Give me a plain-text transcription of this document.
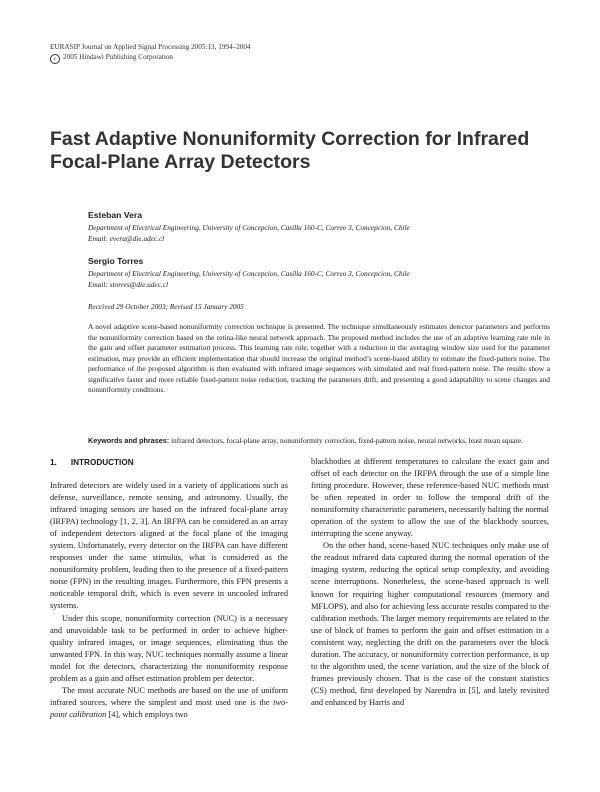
EURASIP Journal on Applied Signal Processing 2005:13, 1994–2004
c 2005 Hindawi Publishing Corporation
Fast Adaptive Nonuniformity Correction for Infrared Focal-Plane Array Detectors
Esteban Vera
Department of Electrical Engineering, University of Concepcion, Casilla 160-C, Correo 3, Concepcion, Chile
Email: evera@die.udec.cl
Sergio Torres
Department of Electrical Engineering, University of Concepcion, Casilla 160-C, Correo 3, Concepcion, Chile
Email: storres@die.udec.cl
Received 29 October 2003; Revised 15 January 2005

A novel adaptive scene-based nonuniformity correction technique is presented. The technique simultaneously estimates detector parameters and performs the nonuniformity correction based on the retina-like neural network approach. The proposed method includes the use of an adaptive learning rate rule in the gain and offset parameter estimation process. This learning rate rule, together with a reduction in the averaging window size used for the parameter estimation, may provide an efficient implementation that should increase the original method’s scene-based ability to estimate the fixed-pattern noise. The performance of the proposed algorithm is then evaluated with infrared image sequences with simulated and real fixed-pattern noise. The results show a significative faster and more reliable fixed-pattern noise reduction, tracking the parameters drift, and presenting a good adaptability to scene changes and nonuniformity conditions.

Keywords and phrases: infrared detectors, focal-plane array, nonuniformity correction, fixed-pattern noise, neural networks, least mean square.

1. INTRODUCTION

Infrared detectors are widely used in a variety of applications such as defense, surveillance, remote sensing, and astronomy. Usually, the infrared imaging sensors are based on the infrared focal-plane array (IRFPA) technology [1, 2, 3]. An IRFPA can be considered as an array of independent detectors aligned at the focal plane of the imaging system. Unfortunately, every detector on the IRFPA can have different responses under the same stimulus, what is considered as the nonuniformity problem, leading then to the presence of a fixed-pattern noise (FPN) in the resulting images. Furthermore, this FPN presents a noticeable temporal drift, which is even severe in uncooled infrared systems.

Under this scope, nonuniformity correction (NUC) is a necessary and unavoidable task to be performed in order to achieve higher-quality infrared images, or image sequences, eliminating thus the unwanted FPN. In this way, NUC techniques normally assume a linear model for the detectors, characterizing the nonuniformity response problem as a gain and offset estimation problem per detector.

The most accurate NUC methods are based on the use of uniform infrared sources, where the simplest and most used one is the two-point calibration [4], which employs two

blackbodies at different temperatures to calculate the exact gain and offset of each detector on the IRFPA through the use of a simple line fitting procedure. However, these reference-based NUC methods must be often repeated in order to follow the temporal drift of the nonuniformity characteristic parameters, necessarily halting the normal operation of the system to allow the use of the blackbody sources, interrupting the scene anyway.

On the other hand, scene-based NUC techniques only make use of the readout infrared data captured during the normal operation of the imaging system, reducing the optical setup complexity, and avoiding scene interruptions. Nonetheless, the scene-based approach is well known for requiring higher computational resources (memory and MFLOPS), and also for achieving less accurate results compared to the calibration methods. The larger memory requirements are related to the use of block of frames to perform the gain and offset estimation in a consistent way, neglecting the drift on the parameters over the block duration. The accuracy, or nonuniformity correction performance, is up to the algorithm used, the scene variation, and the size of the block of frames previously chosen. That is the case of the constant statistics (CS) method, first developed by Narendra in [5], and lately revisited and enhanced by Harris and
